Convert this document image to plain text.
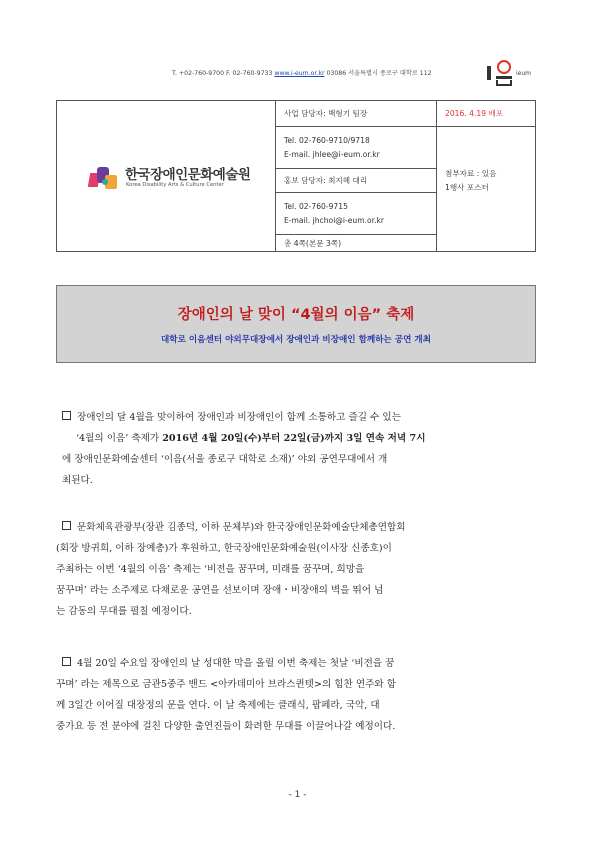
T. +02-760-9700 F. 02-760-9733 www.i-eum.or.kr 03086 서울특별시 종로구 대학로 112	ieum
한국장애인문화예술원
Korea Disability Arts & Culture Center
사업 담당자: 백형기 팀장
Tel. 02-760-9710/9718
E-mail. jhlee@i-eum.or.kr
홍보 담당자: 최지혜 대리
Tel. 02-760-9715
E-mail. jhchoi@i-eum.or.kr
총 4쪽(본문 3쪽)
2016. 4.19 배포
첨부자료 : 있음
1행사 포스터
장애인의 날 맞이 “4월의 이음” 축제
대학로 이음센터 야외무대장에서 장애인과 비장애인 함께하는 공연 개최
장애인의 달 4월을 맞이하여 장애인과 비장애인이 함께 소통하고 즐길 수 있는
‘4월의 이음’ 축제가 2016년 4월 20일(수)부터 22일(금)까지 3일 연속 저녁 7시
에 장애인문화예술센터 ‘이음(서울 종로구 대학로 소재)’ 야외 공연무대에서 개
최된다.
문화체육관광부(장관 김종덕, 이하 문체부)와 한국장애인문화예술단체총연합회
(회장 방귀희, 이하 장예총)가 후원하고, 한국장애인문화예술원(이사장 신종호)이
주최하는 이번 ‘4월의 이음’ 축제는 ‘비전을 꿈꾸며, 미래를 꿈꾸며, 희망을
꿈꾸며’ 라는 소주제로 다채로운 공연을 선보이며 장애・비장애의 벽을 뛰어 넘
는 감동의 무대를 펼칠 예정이다.
4월 20일 수요일 장애인의 날 성대한 막을 올릴 이번 축제는 첫날 ‘비전을 꿈
꾸며’ 라는 제목으로 금관5중주 밴드 <아카데미아 브라스퀸텟>의 힘찬 연주와 함
께 3일간 이어질 대장정의 문을 연다. 이 날 축제에는 클래식, 팝페라, 국악, 대
중가요 등 전 분야에 걸친 다양한 출연진들이 화려한 무대를 이끌어나갈 예정이다.
- 1 -
